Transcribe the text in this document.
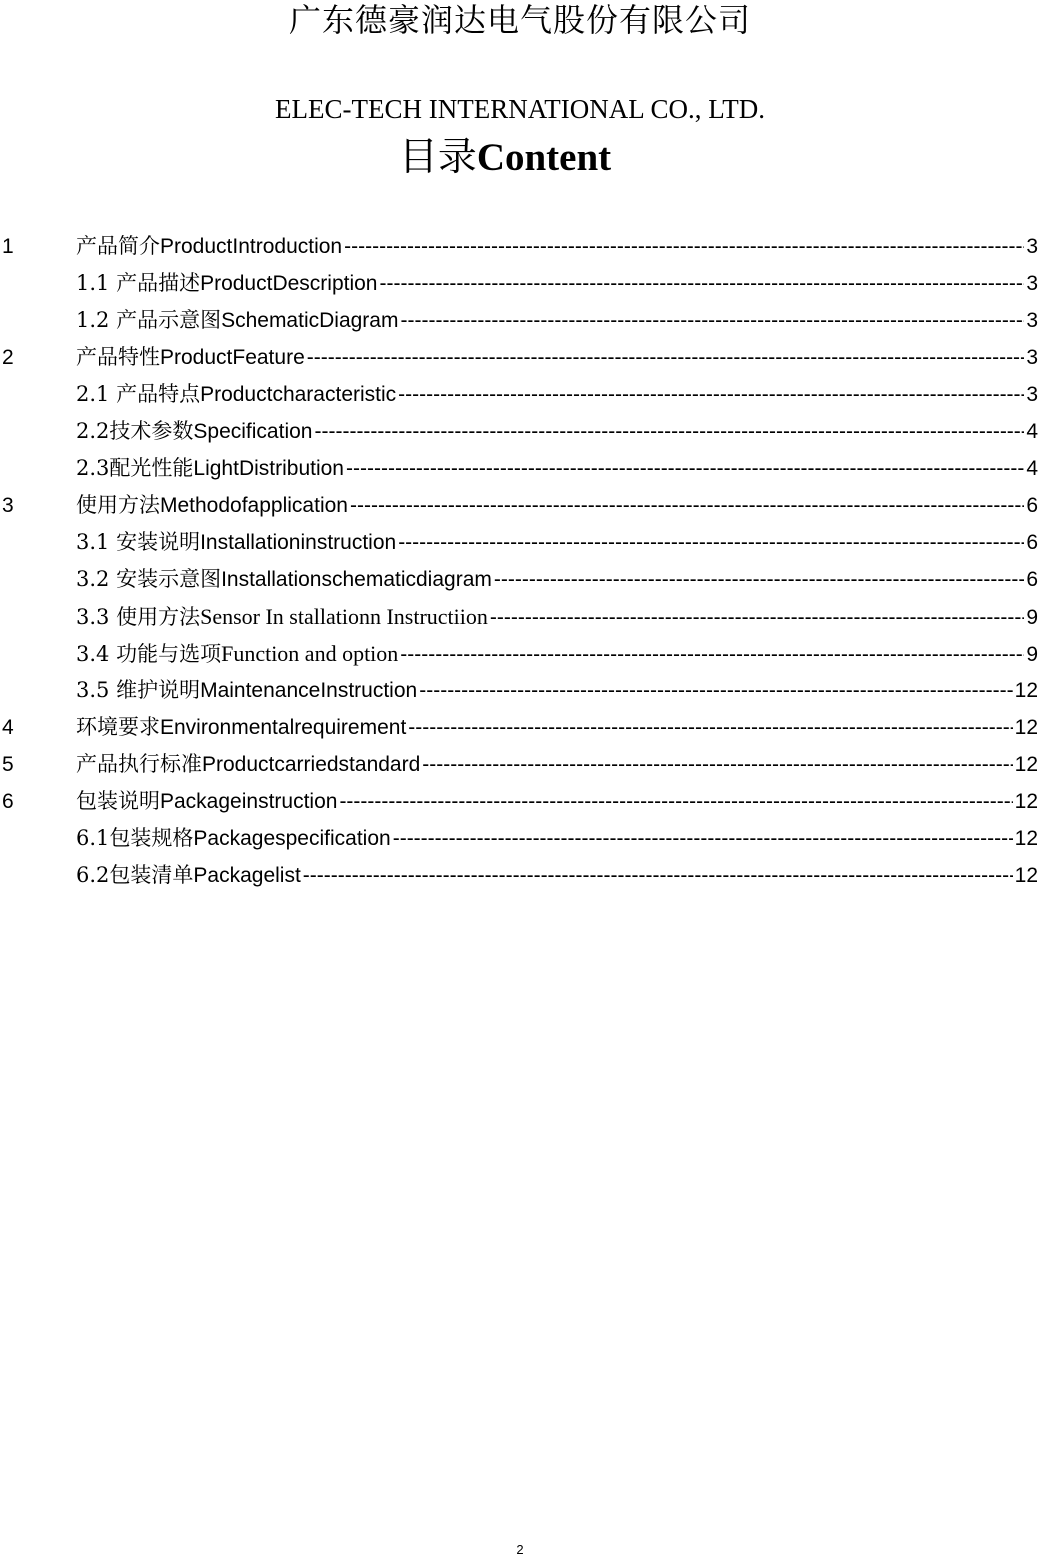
广东德豪润达电气股份有限公司
ELEC-TECH INTERNATIONAL CO., LTD.
目录Content
1	产品简介ProductIntroduction -----	3
1.1 产品描述ProductDescription -----	3
1.2 产品示意图SchematicDiagram -----	3
2	产品特性ProductFeature -----	3
2.1 产品特点Productcharacteristic -----	3
2.2技术参数Specification -----	4
2.3配光性能LightDistribution -----	4
3	使用方法Methodofapplication -----	6
3.1 安装说明Installationinstruction -----	6
3.2 安装示意图Installationschematicdiagram -----	6
3.3 使用方法Sensor In stallationn Instructiion -----	9
3.4 功能与选项Function and option -----	9
3.5 维护说明MaintenanceInstruction -----	12
4	环境要求Environmentalrequirement -----	12
5	产品执行标准Productcarriedstandard -----	12
6	包装说明Packageinstruction -----	12
6.1包装规格Packagespecification -----	12
6.2包装清单Packagelist -----	12
2
